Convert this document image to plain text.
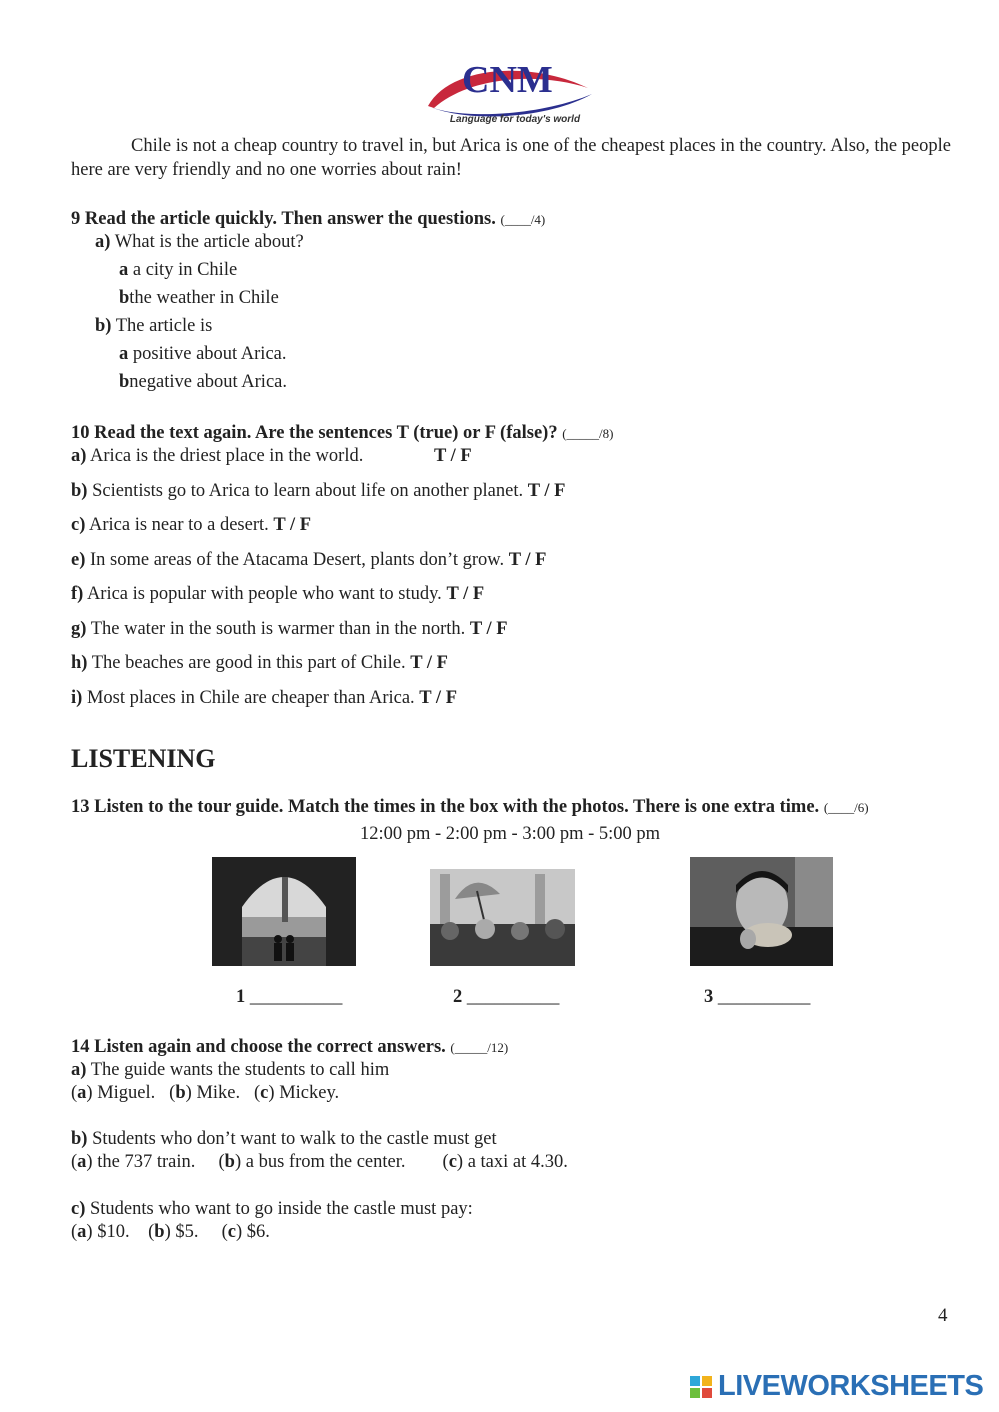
CNM
Language for today's world
Chile is not a cheap country to travel in, but Arica is one of the cheapest places in the country. Also, the people here are very friendly and no one worries about rain!
9 Read the article quickly. Then answer the questions. (____/4)
a) What is the article about?
a a city in Chile
bthe weather in Chile
b) The article is
a positive about Arica.
bnegative about Arica.
10 Read the text again. Are the sentences T (true) or F (false)? (_____/8)
a) Arica is the driest place in the world.	T / F
b) Scientists go to Arica to learn about life on another planet. T / F
c) Arica is near to a desert. T / F
e) In some areas of the Atacama Desert, plants don’t grow. T / F
f) Arica is popular with people who want to study. T / F
g) The water in the south is warmer than in the north. T / F
h) The beaches are good in this part of Chile. T / F
i) Most places in Chile are cheaper than Arica. T / F
LISTENING
13 Listen to the tour guide. Match the times in the box with the photos. There is one extra time. (____/6)
12:00 pm - 2:00 pm - 3:00 pm - 5:00 pm
1 __________	2 __________	3 __________
14 Listen again and choose the correct answers. (_____/12)
a) The guide wants the students to call him
(a) Miguel. (b) Mike. (c) Mickey.
b) Students who don’t want to walk to the castle must get
(a) the 737 train. (b) a bus from the center. (c) a taxi at 4.30.
c) Students who want to go inside the castle must pay:
(a) $10. (b) $5. (c) $6.
4
LIVEWORKSHEETS
